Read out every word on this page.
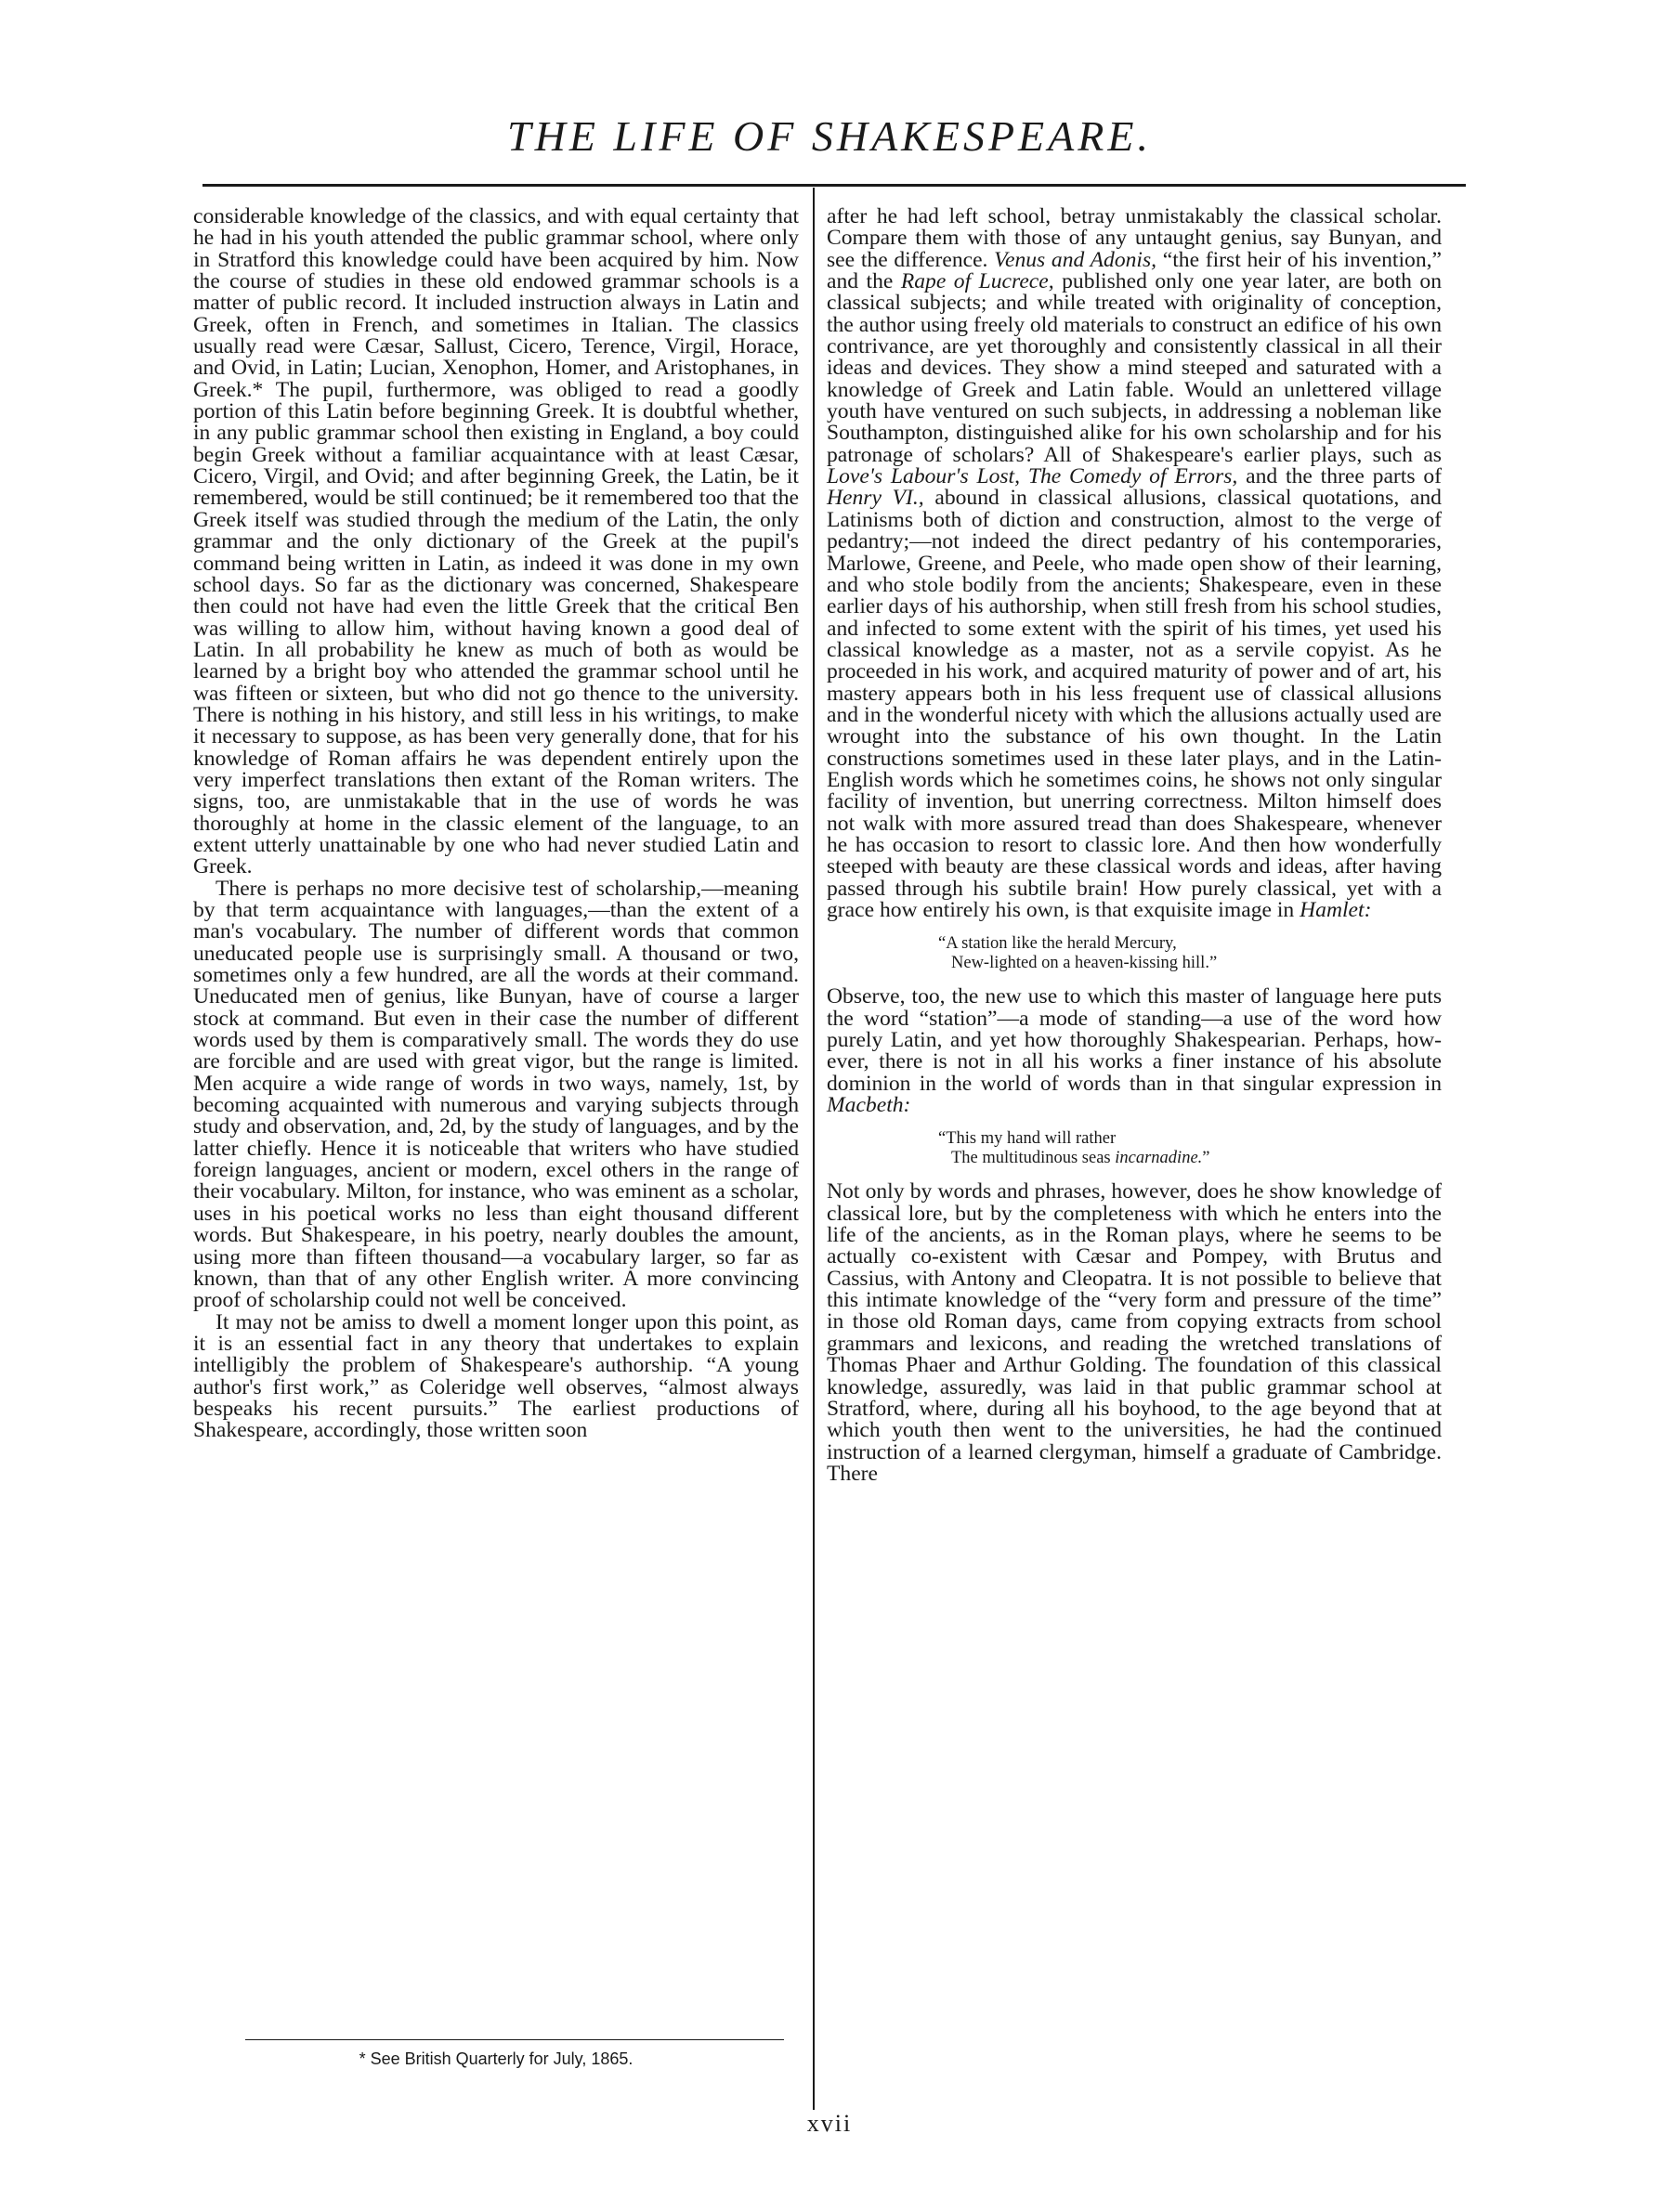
THE LIFE OF SHAKESPEARE.

considerable knowledge of the classics, and with equal certainty that he had in his youth attended the public grammar school, where only in Stratford this knowledge could have been acquired by him. Now the course of studies in these old endowed grammar schools is a matter of public record. It included instruction always in Latin and Greek, often in French, and sometimes in Italian. The classics usually read were Cæsar, Sallust, Cicero, Terence, Virgil, Horace, and Ovid, in Latin; Lucian, Xenophon, Homer, and Aristophanes, in Greek.* The pupil, furthermore, was obliged to read a goodly portion of this Latin before beginning Greek. It is doubtful whether, in any public grammar school then existing in England, a boy could begin Greek without a familiar acquaintance with at least Cæsar, Cicero, Virgil, and Ovid; and after beginning Greek, the Latin, be it remembered, would be still continued; be it remembered too that the Greek itself was studied through the medium of the Latin, the only grammar and the only dictionary of the Greek at the pupil's command being written in Latin, as indeed it was done in my own school days. So far as the dictionary was concerned, Shakespeare then could not have had even the little Greek that the critical Ben was willing to allow him, without having known a good deal of Latin. In all probability he knew as much of both as would be learned by a bright boy who attended the grammar school until he was fifteen or sixteen, but who did not go thence to the university. There is nothing in his history, and still less in his writings, to make it necessary to suppose, as has been very generally done, that for his knowledge of Roman affairs he was dependent entirely upon the very imperfect translations then extant of the Roman writers. The signs, too, are unmistakable that in the use of words he was thoroughly at home in the classic element of the language, to an extent utterly unattainable by one who had never studied Latin and Greek.

There is perhaps no more decisive test of scholarship,—meaning by that term acquaintance with languages,—than the extent of a man's vocabulary. The number of different words that common uneducated people use is surprisingly small. A thousand or two, sometimes only a few hundred, are all the words at their command. Uneducated men of genius, like Bunyan, have of course a larger stock at command. But even in their case the number of different words used by them is comparatively small. The words they do use are forcible and are used with great vigor, but the range is limited. Men acquire a wide range of words in two ways, namely, 1st, by becoming acquainted with numerous and varying subjects through study and observation, and, 2d, by the study of languages, and by the latter chiefly. Hence it is noticeable that writers who have studied foreign languages, ancient or modern, excel others in the range of their vocabulary. Milton, for instance, who was eminent as a scholar, uses in his poetical works no less than eight thousand different words. But Shakespeare, in his poetry, nearly doubles the amount, using more than fifteen thousand—a vocabulary larger, so far as known, than that of any other English writer. A more convincing proof of scholarship could not well be conceived.

It may not be amiss to dwell a moment longer upon this point, as it is an essential fact in any theory that undertakes to explain intelligibly the problem of Shakespeare's authorship. “A young author's first work,” as Coleridge well observes, “almost always bespeaks his recent pursuits.” The earliest productions of Shakespeare, accordingly, those written soon

after he had left school, betray unmistakably the classical scholar. Compare them with those of any untaught genius, say Bunyan, and see the difference. Venus and Adonis, “the first heir of his invention,” and the Rape of Lucrece, published only one year later, are both on classical subjects; and while treated with originality of conception, the author using freely old materials to construct an edifice of his own contrivance, are yet thoroughly and consistently classical in all their ideas and devices. They show a mind steeped and saturated with a knowledge of Greek and Latin fable. Would an unlettered village youth have ventured on such subjects, in addressing a nobleman like Southampton, distinguished alike for his own scholarship and for his patronage of scholars? All of Shakespeare's earlier plays, such as Love's Labour's Lost, The Comedy of Errors, and the three parts of Henry VI., abound in classical allusions, classical quotations, and Latinisms both of diction and construction, almost to the verge of pedantry;—not indeed the direct pedantry of his contemporaries, Marlowe, Greene, and Peele, who made open show of their learning, and who stole bodily from the ancients; Shakespeare, even in these earlier days of his authorship, when still fresh from his school studies, and infected to some extent with the spirit of his times, yet used his classical knowledge as a master, not as a servile copyist. As he proceeded in his work, and acquired maturity of power and of art, his mastery appears both in his less frequent use of classical allusions and in the wonderful nicety with which the allusions actually used are wrought into the substance of his own thought. In the Latin constructions sometimes used in these later plays, and in the Latin-English words which he sometimes coins, he shows not only singular facility of invention, but unerring correctness. Milton himself does not walk with more assured tread than does Shakespeare, whenever he has occasion to resort to classic lore. And then how wonderfully steeped with beauty are these classical words and ideas, after having passed through his subtile brain! How purely classical, yet with a grace how entirely his own, is that exquisite image in Hamlet:

“A station like the herald Mercury,
New-lighted on a heaven-kissing hill.”

Observe, too, the new use to which this master of language here puts the word “station”—a mode of standing—a use of the word how purely Latin, and yet how thoroughly Shakespearian. Perhaps, however, there is not in all his works a finer instance of his absolute dominion in the world of words than in that singular expression in Macbeth:

“This my hand will rather
The multitudinous seas incarnadine.”

Not only by words and phrases, however, does he show knowledge of classical lore, but by the completeness with which he enters into the life of the ancients, as in the Roman plays, where he seems to be actually co-existent with Cæsar and Pompey, with Brutus and Cassius, with Antony and Cleopatra. It is not possible to believe that this intimate knowledge of the “very form and pressure of the time” in those old Roman days, came from copying extracts from school grammars and lexicons, and reading the wretched translations of Thomas Phaer and Arthur Golding. The foundation of this classical knowledge, assuredly, was laid in that public grammar school at Stratford, where, during all his boyhood, to the age beyond that at which youth then went to the universities, he had the continued instruction of a learned clergyman, himself a graduate of Cambridge. There

* See British Quarterly for July, 1865.
xvii
